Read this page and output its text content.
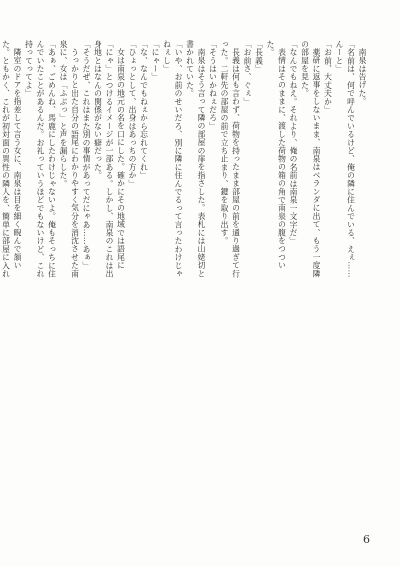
南泉は告げた。

「名前は、何で呼んでいるけど、俺の隣に住んでいる、えぇ……んーと」

「お前、大丈夫か」

薬研に返事をしないまま、南泉はベランダに出て、もう一度隣の部屋を見た。

「なんでもねえ。それより、俺の名前は南泉一文字だ」

表情はそのままに、渡した荷物の箱の角で南泉の腹をつついた。

「長義」

「お前さ、ぐぇ」

長義は何も言わず、荷物を持ったまま部屋の前を通り過ぎて行った。二軒先の部屋の前で立ち止まり、鍵を取り出す。

「そうはいかねぇだろ」

南泉はそう言って隣の部屋の扉を指さした。表札には山姥切と書かれていた。

「いや、お前のせいだろ、別に隣に住んでるって言ったわけじゃねぇし」

「にゃー」

「な、なんでもねぇから忘れてくれ」

「ひょっとして、出身はあっちの方か」

女は南泉の地元の名を口にした。確かにその地域では語尾に「にゃ」とつけるイメージが一部ある。しかし、南泉のこれは出身地とはなんの関係がない癖だった。

「そうだぜ、これはまた別の事情があってだにゃあ……あぁ」

うっかりと出た自分の語尾にわかりやすく気分を消沈させた南泉に、女は「ふぶっ」と声を漏らした。

「あぁ、ごめんね、馬鹿にしたわけじゃないよ。俺もそっちに住んでいたことがあるんだ。お礼っていうほどでもないけど、これ持ってってよ」

隣室のドアを指差して言う女に、南泉は目を細く睨んで頷いた。ともかく、これが初対面の異性の隣人を、簡単に部屋に入れ

6
